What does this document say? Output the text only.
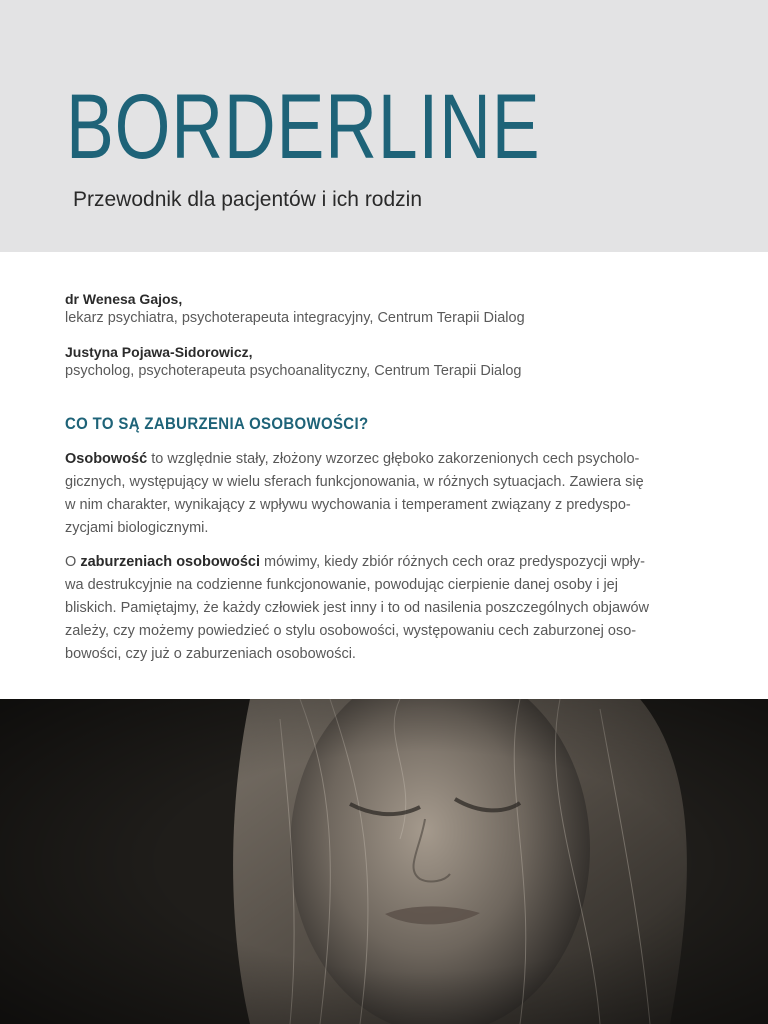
BORDERLINE
Przewodnik dla pacjentów i ich rodzin
dr Wenesa Gajos,
lekarz psychiatra, psychoterapeuta integracyjny, Centrum Terapii Dialog
Justyna Pojawa-Sidorowicz,
psycholog, psychoterapeuta psychoanalityczny, Centrum Terapii Dialog
CO TO SĄ ZABURZENIA OSOBOWOŚCI?

Osobowość to względnie stały, złożony wzorzec głęboko zakorzenionych cech psycholo-
gicznych, występujący w wielu sferach funkcjonowania, w różnych sytuacjach. Zawiera się
w nim charakter, wynikający z wpływu wychowania i temperament związany z predyspo-
zycjami biologicznymi.

O zaburzeniach osobowości mówimy, kiedy zbiór różnych cech oraz predyspozycji wpły-
wa destrukcyjnie na codzienne funkcjonowanie, powodując cierpienie danej osoby i jej
bliskich. Pamiętajmy, że każdy człowiek jest inny i to od nasilenia poszczególnych objawów
zależy, czy możemy powiedzieć o stylu osobowości, występowaniu cech zaburzonej oso-
bowości, czy już o zaburzeniach osobowości.
